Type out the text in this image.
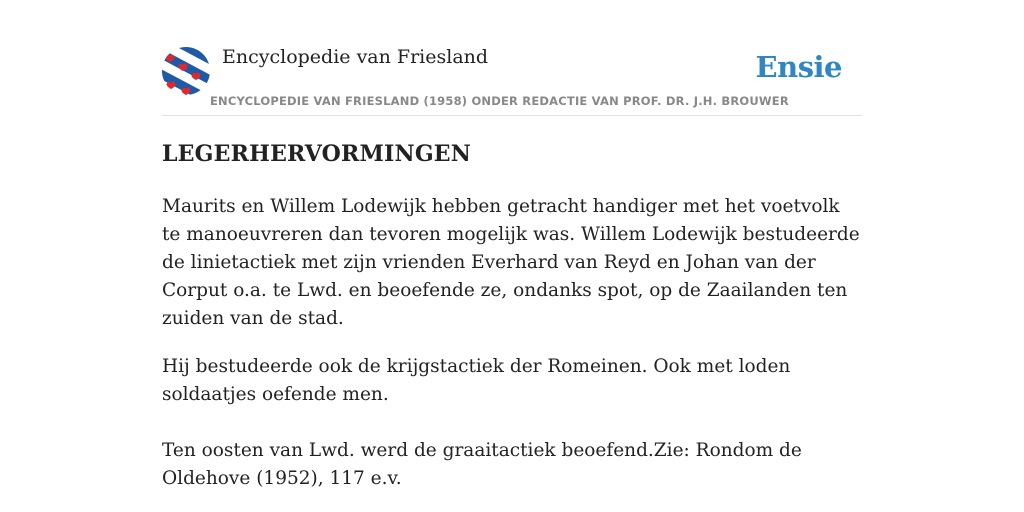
Encyclopedie van Friesland	Ensie
ENCYCLOPEDIE VAN FRIESLAND (1958) ONDER REDACTIE VAN PROF. DR. J.H. BROUWER
LEGERHERVORMINGEN

Maurits en Willem Lodewijk hebben getracht handiger met het voetvolk te manoeuvreren dan tevoren mogelijk was. Willem Lodewijk bestudeerde de linietactiek met zijn vrienden Everhard van Reyd en Johan van der Corput o.a. te Lwd. en beoefende ze, ondanks spot, op de Zaailanden ten zuiden van de stad.

Hij bestudeerde ook de krijgstactiek der Romeinen. Ook met loden soldaatjes oefende men.

Ten oosten van Lwd. werd de graaitactiek beoefend.Zie: Rondom de Oldehove (1952), 117 e.v.
